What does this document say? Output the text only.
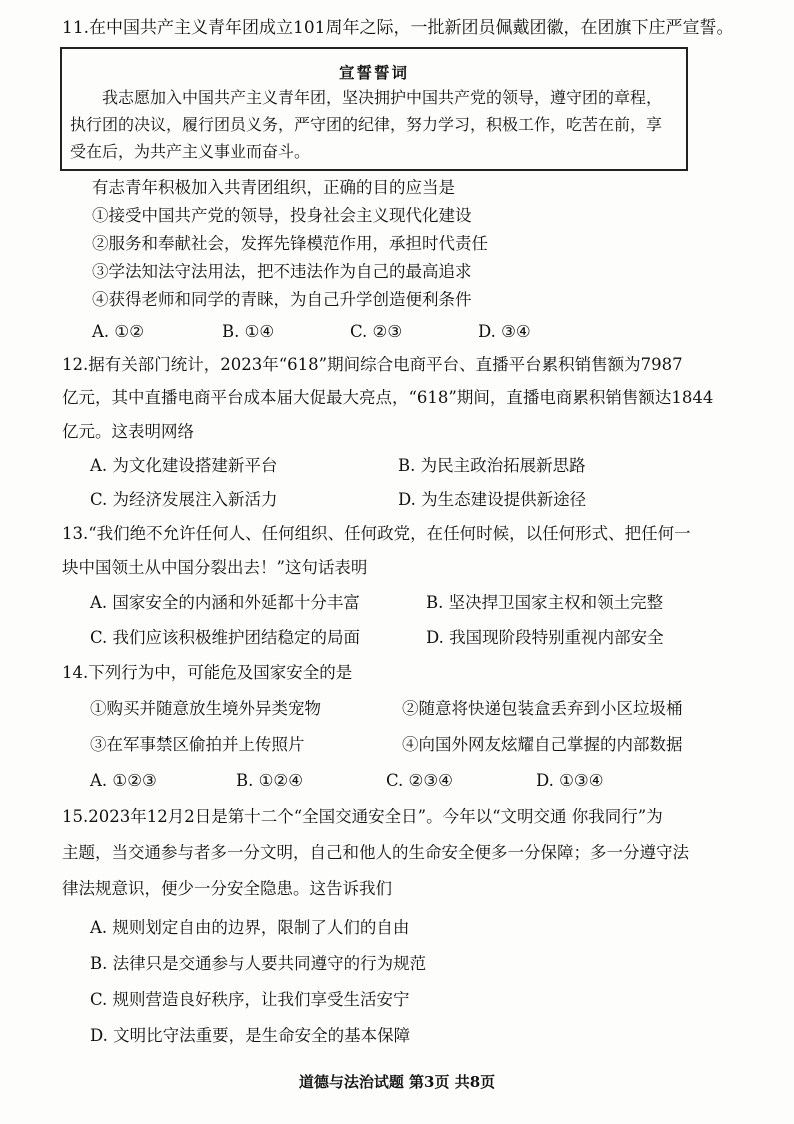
11.在中国共产主义青年团成立101周年之际，一批新团员佩戴团徽，在团旗下庄严宣誓。
宣誓誓词
我志愿加入中国共产主义青年团，坚决拥护中国共产党的领导，遵守团的章程，
执行团的决议，履行团员义务，严守团的纪律，努力学习，积极工作，吃苦在前，享
受在后，为共产主义事业而奋斗。
有志青年积极加入共青团组织，正确的目的应当是
①接受中国共产党的领导，投身社会主义现代化建设
②服务和奉献社会，发挥先锋模范作用，承担时代责任
③学法知法守法用法，把不违法作为自己的最高追求
④获得老师和同学的青睐，为自己升学创造便利条件
A. ①②	B. ①④	C. ②③	D. ③④
12.据有关部门统计，2023年“618”期间综合电商平台、直播平台累积销售额为7987
亿元，其中直播电商平台成本届大促最大亮点，“618”期间，直播电商累积销售额达1844
亿元。这表明网络
A. 为文化建设搭建新平台	B. 为民主政治拓展新思路
C. 为经济发展注入新活力	D. 为生态建设提供新途径
13.“我们绝不允许任何人、任何组织、任何政党，在任何时候，以任何形式、把任何一
块中国领土从中国分裂出去！”这句话表明
A. 国家安全的内涵和外延都十分丰富	B. 坚决捍卫国家主权和领土完整
C. 我们应该积极维护团结稳定的局面	D. 我国现阶段特别重视内部安全
14.下列行为中，可能危及国家安全的是
①购买并随意放生境外异类宠物	②随意将快递包装盒丢弃到小区垃圾桶
③在军事禁区偷拍并上传照片	④向国外网友炫耀自己掌握的内部数据
A. ①②③	B. ①②④	C. ②③④	D. ①③④
15.2023年12月2日是第十二个“全国交通安全日”。今年以“文明交通 你我同行”为
主题，当交通参与者多一分文明，自己和他人的生命安全便多一分保障；多一分遵守法
律法规意识，便少一分安全隐患。这告诉我们
A. 规则划定自由的边界，限制了人们的自由
B. 法律只是交通参与人要共同遵守的行为规范
C. 规则营造良好秩序，让我们享受生活安宁
D. 文明比守法重要，是生命安全的基本保障
道德与法治试题 第3页 共8页
